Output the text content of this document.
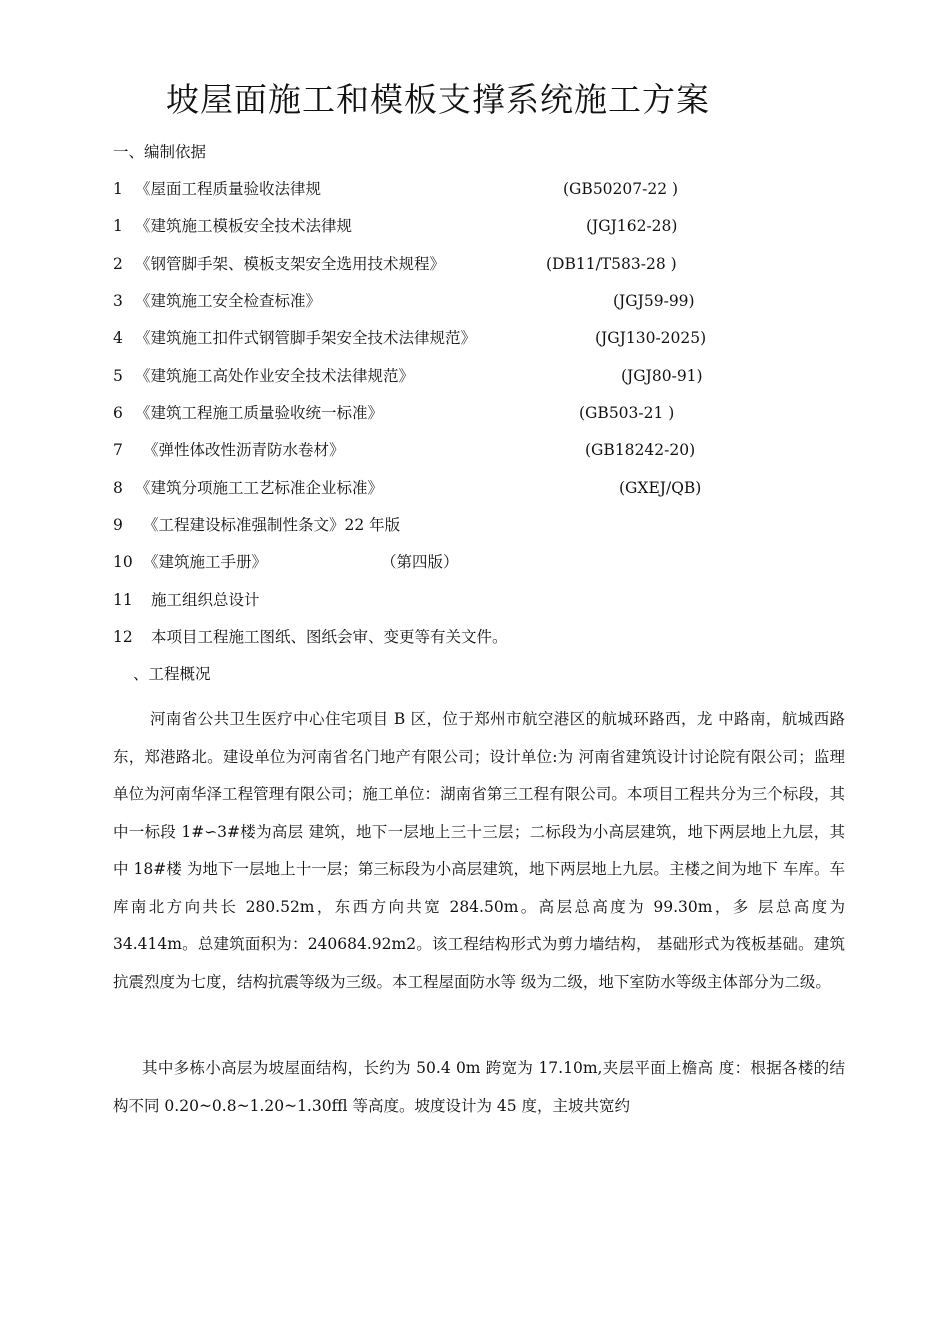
坡屋面施工和模板支撑系统施工方案
一、编制依据
1 《屋面工程质量验收法律规	(GB50207-22 )
1 《建筑施工模板安全技术法律规	(JGJ162-28)
2 《钢管脚手架、模板支架安全选用技术规程》	(DB11/T583-28 )
3 《建筑施工安全检查标准》	(JGJ59-99)
4 《建筑施工扣件式钢管脚手架安全技术法律规范》	(JGJ130-2025)
5 《建筑施工高处作业安全技术法律规范》	(JGJ80-91)
6 《建筑工程施工质量验收统一标准》	(GB503-21 )
7 《弹性体改性沥青防水卷材》	(GB18242-20)
8 《建筑分项施工工艺标准企业标准》	(GXEJ/QB)
9 《工程建设标准强制性条文》22 年版
10 《建筑施工手册》	（第四版）
11 施工组织总设计
12 本项目工程施工图纸、图纸会审、变更等有关文件。
、工程概况

河南省公共卫生医疗中心住宅项目 B 区，位于郑州市航空港区的航城环路西，龙 中路南，航城西路东，郑港路北。建设单位为河南省名门地产有限公司；设计单位:为 河南省建筑设计讨论院有限公司；监理单位为河南华泽工程管理有限公司；施工单位：湖南省第三工程有限公司。本项目工程共分为三个标段，其中一标段 1#∽3#楼为高层 建筑，地下一层地上三十三层；二标段为小高层建筑，地下两层地上九层，其中 18#楼 为地下一层地上十一层；第三标段为小高层建筑，地下两层地上九层。主楼之间为地下 车库。车库南北方向共长 280.52m，东西方向共宽 284.50m。高层总高度为 99.30m，多 层总高度为 34.414m。总建筑面积为：240684.92m2。该工程结构形式为剪力墙结构， 基础形式为筏板基础。建筑抗震烈度为七度，结构抗震等级为三级。本工程屋面防水等 级为二级，地下室防水等级主体部分为二级。

其中多栋小高层为坡屋面结构，长约为 50.4 0m 跨宽为 17.10m,夹层平面上檐高 度：根据各楼的结构不同 0.20~0.8~1.20~1.30ffl 等高度。坡度设计为 45 度，主坡共宽约
